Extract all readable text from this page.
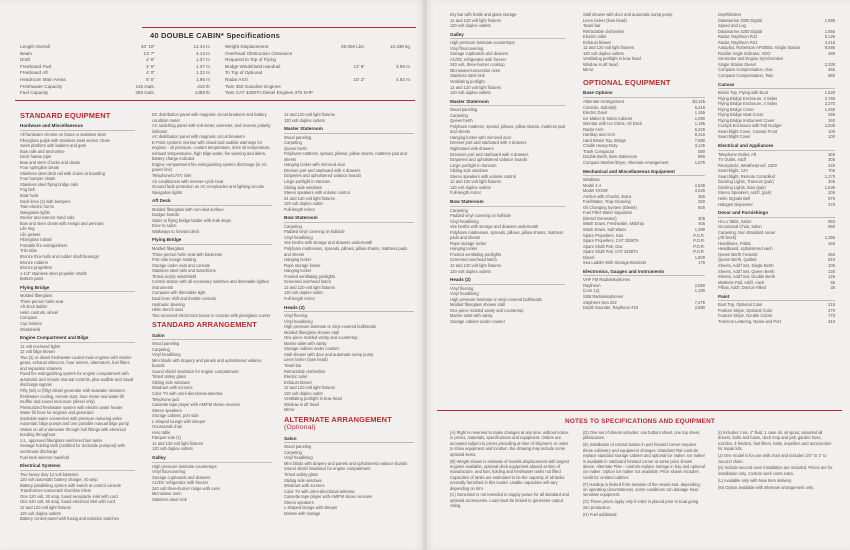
40 DOUBLE CABIN* Specifications
Length Overall	40' 10"	12.44 m
Beam	13' 7"	4.14 m
Draft	4' 6"	1.37 m
Freeboard Fwd	4' 6"	1.37 m
Freeboard Aft	4' 0"	1.22 m
Headroom Main Areas	6' 5"	1.96 m
Freshwater Capacity	115 Gals.	416 ltr
Fuel Capacity	359 Gals.	1359 ltr
Weight Displacement	29,600 Lbs.	13,438 kg
Overhead Obstruction Clearance
Required to Top of Flying
Bridge Windshield Handrail	12' 9"	3.89 m
To Top of Optional
Radar Arch	15' 2"	4.62 m
Twin 350 Gasoline Engines
Twin CAT 3208TA Diesel Engines 375 SHP
STANDARD EQUIPMENT
Hardware and Miscellaneous
All hardware chrome on brass or stainless steel
Fiberglass pulpit with stainless steel anchor chute
Swim platform with ladders and gate
Bow rails and anchorline
Deck hawse pipe
Bow and stern chocks and cleats
Four springline cleats
Stainless steel deck rail with chairs at boarding
Four bumper cleats
Stainless steel flying bridge rails
Fog bell
Boat hook
Dock lines (2) with bumpers
Twin electric horns
Navigation lights
Interior and exterior hand rails
Bow and stern cleats with ensign and pennant
Life ring
Life jackets
Fiberglass rubrail
Portable fire extinguishers
Trim tabs
Bronze thru-hulls and rudder shaft bearings
Bronze rudders
Bronze propellers
1-1/4" stainless steel propeller shafts
Bottom paint
Flying Bridge
Molded fiberglass
Three person helm seat
Aft deck ladder
Helm controls, wheel
Compass
Cup holders
Windshield
Engine Compartment and Bilge
12 volt enclosed lights
12 volt bilge blower
Two (2) or diesel freshwater-cooled main engines with marine gears, exhaust silencers, hour meters, alternators, fuel filters and separator strainers
Fixed fire extinguishing system for engine compartment with automatic and remote manual controls, plus audible and visual discharge signals
Fifty (50) or (fifty) diesel generator with seawater strainers, freshwater cooling, remote start, hour meter and water lift muffler and sound enclosure (diesel only)
Pressurized freshwater system with electric water heater
Water fill hose for engines and generator
Dockside water connection with pressure reducing valve
Automatic bilge pumps and one portable manual bilge pump
Valves on all underwater through hull fittings with electrical bonding throughout
U.L. approved fiberglass reinforced fuel tanks
Sewage holding tank (certified for dockside pumpout) with overboard discharge
Fuel tank selector manifold
Electrical Systems
Two heavy duty 12 volt batteries
120 volt automatic battery charger, 40 amp
Battery paralleling system with switch at control console
Transformer-connected shoreline inlets
One 120 volt, 30 amp, fused receptacle inlet with cord
One 240 volt, 50 amp, fused electrical inlet with cord
12 and 120 volt light fixtures
120 volt duplex outlets
Battery control panel with fusing and isolation switches
DC distribution panel with magnetic circuit breakers and battery condition meter
AC switching panel with volt meter, ammeter, and reverse polarity indicator
AC distribution panel with magnetic circuit breakers
E-Point systems monitor with visual and audible warnings for engines - oil pressure, coolant temperature, drive oil temperature, exhaust temperatures, high bilge water, fire warning and alarm, battery charge indicator
Engine compartment fire extinguishing system discharge (in AC power line)
Telephone/CATV inlet
Air conditioners with reverse-cycle heat
Ground fault protection on AC receptacles and lighting circuits
Navigation lights
Aft Deck
Molded fiberglass with non-skid surface
Dodger boards
Stairs to flying bridge ladder with teak steps
Door to salon
Walkways to forward deck
Flying Bridge
Molded fiberglass
Three person helm seat with backrests
Port side lounge seating
Storage under seat and console
Stainless steel rails and stanchions
Tinted acrylic windshield
Control station with all necessary switches and dimmable lighted instruments
Compass with dimmable light
Dual lever shift and throttle controls
Hydraulic steering
Helm bench seat
Two recessed electronics boxes in console with plexiglass covers
STANDARD ARRANGEMENT
Salon
Wood paneling
Carpeting
Vinyl headlining
Mini blinds with drapery and panels and upholstered valance boards
Sound shield insulation for engine compartment
Tinted safety glass
Sliding side windows
Windows with screens
Color TV with omni-directional antenna
Telephone jack
Cassette tape player with AM/FM stereo receiver
Stereo speakers
Storage cabinet, port side
L-shaped lounge with sleeper
Occasional chair
Hi-lo table
Parquet sole (1)
12 and 120 volt light fixtures
120 volt duplex outlets
Galley
High pressure laminate countertops
Vinyl floorcovering
Storage cupboards and drawers
AC/DC refrigerator with freezer
240 volt three-burner range with oven
Microwave oven
Stainless steel sink
12 and 120 volt light fixtures
120 volt duplex outlets
Master Stateroom
Wood paneling
Carpeting
Queen berth
Polyfoam mattress, spread, pillows, pillow shams, mattress pad and sheets
Hanging locker with mirrored door
Dresser port and starboard with 4 drawers
Draperies and upholstered valance boards
Large portlight in transom
Sliding side windows
Stereo speakers with volume control
24 and 120 volt light fixtures
120 volt duplex outlet
Full-length mirror
Bow Stateroom
Carpeting
Padded vinyl covering on hullside
Vinyl headlining
Vee berths with storage and drawers underneath
Polyfoam mattresses, spreads, pillows, pillow shams, mattress pads and sheets
Hanging locker
Rope storage locker
Hanging locker
Frosted ventilating portlights
Screened overhead hatch
12 and 120 volt light fixtures
120 volt duplex outlet
Full-length mirror
Heads (2)
Vinyl flooring
Vinyl headlining
High pressure laminate or vinyl-covered bulkheads
Molded fiberglass shower stall
One piece molded vanity and countertop
Marine toilet with vanity
Storage cabinet under counter
Stall shower with door and automatic sump pump
Linen locker (bow head)
Towel bar
Retractable clothesline
Electric toilet
Exhaust blower
12 and 120 volt light fixtures
120 volt duplex outlet
Ventilating portlight in bow head
Window in aft head
Mirror
ALTERNATE ARRANGEMENT
(Optional)
Salon
Wood paneling
Carpeting
Vinyl headlining
Mini blinds with drapery and panels and upholstered valance boards
Sound shield insulation for engine compartment
Tinted safety glass
Sliding side windows
Windows with screens
Color TV with omni-directional antenna
Cassette tape player with AM/FM stereo receiver
Stereo speakers
L-shaped lounge with sleeper
Dinette with storage
Dry bar with bottle and glass storage
12 and 120 volt light fixtures
120 volt duplex outlets
Galley
High pressure laminate countertops
Vinyl floorcovering
Storage cupboards and drawers
AC/DC refrigerator with freezer
240 volt, three-burner cooktop
Microwave/convection oven
Stainless steel sink
Ventilating portlight
12 and 120 volt light fixtures
120 volt duplex outlets
Master Stateroom
Wood paneling
Carpeting
Queen berth
Polyfoam mattress, spread, pillows, pillow shams, mattress pad and sheets
Hanging locker with mirrored door
Dresser port and starboard with 4 drawers
Nightstand with drawers
Dressers port and starboard with 4 drawers
Draperies and upholstered valance boards
Large portlight in transom
Sliding side windows
Stereo speakers with volume control
12 and 120 volt light fixtures
120 volt duplex outlets
Full-length mirror
Bow Stateroom
Carpeting
Padded vinyl covering on hullside
Vinyl headlining
Vee berths with storage and drawers underneath
Polyfoam mattresses, spreads, pillows, pillow shams, mattress pads and sheets
Rope storage locker
Hanging locker
Frosted ventilating portlights
Screened overhead hatch
12 and 120 volt light fixtures
120 volt duplex outlets
Heads (2)
Vinyl flooring
Vinyl headlining
High pressure laminate or vinyl-covered bulkheads
Molded fiberglass shower stall
One piece molded vanity and countertop
Marine toilet with vanity
Storage cabinet under counter
Stall shower with door and automatic sump pump
Linen locker (bow head)
Towel bar
Retractable clothesline
Electric toilet
Exhaust blower
12 and 120 volt light fixtures
120 volt duplex outlets
Ventilating portlight in bow head
Window in aft head
Mirror
OPTIONAL EQUIPMENT
Base Options
Alternate Arrangement	$3,145
Controls, Salon(B)	6,415
Electric Davit	1,155
Ice Maker in Salon Cabinet	1,090
Wet Bar with Ice Chest, Aft Deck	1,195
Radar Arch	6,225
Hardtop and Arch	8,315
Hard Bimini Top, Bridge	7,880
Cradle Heavy-Duty	3,145
Trash Compactor	580
Double Berth, Bow Stateroom	890
Compact Washer/Dryer, Alternate Arrangement	1,875
Mechanical and Miscellaneous Equipment
Windlass
Model 4.4	2,535
Model XXOW	4,525
Anchor with Chocks, Extra	265
Fuel/Water, Trap-Cleaning	280
Oil Changing System (Diesel)	845
Fuel Filter Water Separator
(Diesel Generator)	305
Wash Down, Freshwater, Midship	465
Wash Down, Salt Water	1,390
Spare Propellers, Gas	P.O.R.
Spare Propellers, CAT 3208TA	P.O.R.
Spare Shaft Pair, Gas	P.O.R.
Spare Shaft Pair, CAT 3208TA	P.O.R.
Diesel	1,900
Sea Ladder With Storage Brackets	175
Electronics, Gauges and Instruments
VHF FM Radiotelephones
Raytheon	2,850
(corn 12)	1,180
SSB Radiotelephones
Stephens Sea 322	7,275
Depth Sounder, Raytheon #10	2,880
Depthfinders
Datamarine 3000 Digital	1,995
Speed and Log
Datamarine 3200 Digital	1,850
Radar, Raytheon R41	8,125
Radar, Raytheon R21	4,415
Autopilot, Robertson AP200DL-Single Station	9,590
Rudder Angle Indicator, VDO	480
Generator and Engine Synchronizer
Single Station Diesel	2,330
Compass Compensation, Gas	465
Compass Compensation, Twin	990
Canvas
Bimini Top, Flying with Boot	1,820
Flying Bridge Enclosure, 3 Sides	2,760
Flying Bridge Enclosure, 4 Sides	3,270
Flying Bridge Cover	1,260
Flying Bridge Seat Cover	295
Flying Bridge Instrument Cover	160
Cockpit Enclosure with Full Dodger	2,835
Searchlight Cover, Canvas Front	100
Searchlight Cover	100
Electrical and Appliances
Telephone Outlet, Aft	265
TV Outlet, Add'l	305
Receptacle, Weatherproof, 120V	245
Searchlight, 12V	705
Searchlight, Remote Controlled	1,170
Docking Lights, Transom (pair)	305
Docking Lights, Bow (pair)	1,635
Stereo Speakers, Add'l, (pair)	205
Helm Signals Bell	570
Halogen Dispenser	270
Decor and Furnishings
Hi-Lo Table, Salon	850
Occasional Chair, Salon	680
Carpeting, Non Standard Areas
(Aft Deck)	1,255
Headliners, Fabric	165
Headboard, Upholstered each
Queen Berth Forward	450
Queen Berth, Quilted	810
Sheets, Add'l Set, Single Berth	105
Sheets, Add'l Set, Queen Berth	130
Sheets, Add'l Set, Double Berth	125
Mattress Pad, Add'l, each	65
Pillow, Add'l, Dacron Filled	35
Paint
Boot Top, Optional Color	215
Feature Stripe, Optional Color	270
Feature Stripe, Double Colors	770
Transom Lettering, Name and Port	310
NOTES TO SPECIFICATIONS AND EQUIPMENT

(A) Right is reserved to make changes at any time, without notice, in prices, materials, specifications and equipment. Orders are accepted subject to prices prevailing at time of shipment. In order to show equipment and location, the drawing may include some optional items.

(B) Weight shown is estimate of models displacement with largest engines available, optional deck equipment aboard at time of manufacture, and fuel, holding and freshwater tanks not filled. Capacities of tanks are estimated to be the capacity of all tanks normally furnished in this model. Usable capacities will vary depending on trim.

(C) Generator is not intended to supply power for all standard and optional accessories. Load must be limited to generator output rating.

(D) One set of sheets includes: one bottom sheet, one top sheet, pillowcases.

(E) Installation of control station in port forward corner requires these cabinetry and equipment changes: Standard Flat controls replace standard storage cabinet and optional ice maker. Ice maker is available in starboard forward corner at same price shown above. Alternate Plan - controls replace storage in bay and optional ice maker. Option ice maker not available. Price shown includes credit for omitted cabinet.

(F) Hardtop is limited from aeration of the vessel and, depending on operating circumstances, some conditions can damage heat-sensitive equipment.

(G) These prices apply only if order is placed prior to boat going into production.

(H) Fuel additional.

(I) Includes 2 ea. 4" fluid, 1 case oil, oil spout, assorted all drivers, bolts and fuses, deck mop and pail, garden hose, nozzles, 3 fenders, fuel filters, belts, impellers and accessories for repair kits.

(J) One model is for use with chair and includes 3/4" to 1" to Jacuzzi chain.

(K) Include second oven installation are included. Prices are for installation only. Custom work costs extra.

(L) Available only with New Item delivery.

(M) Option available with alternate arrangement only.
